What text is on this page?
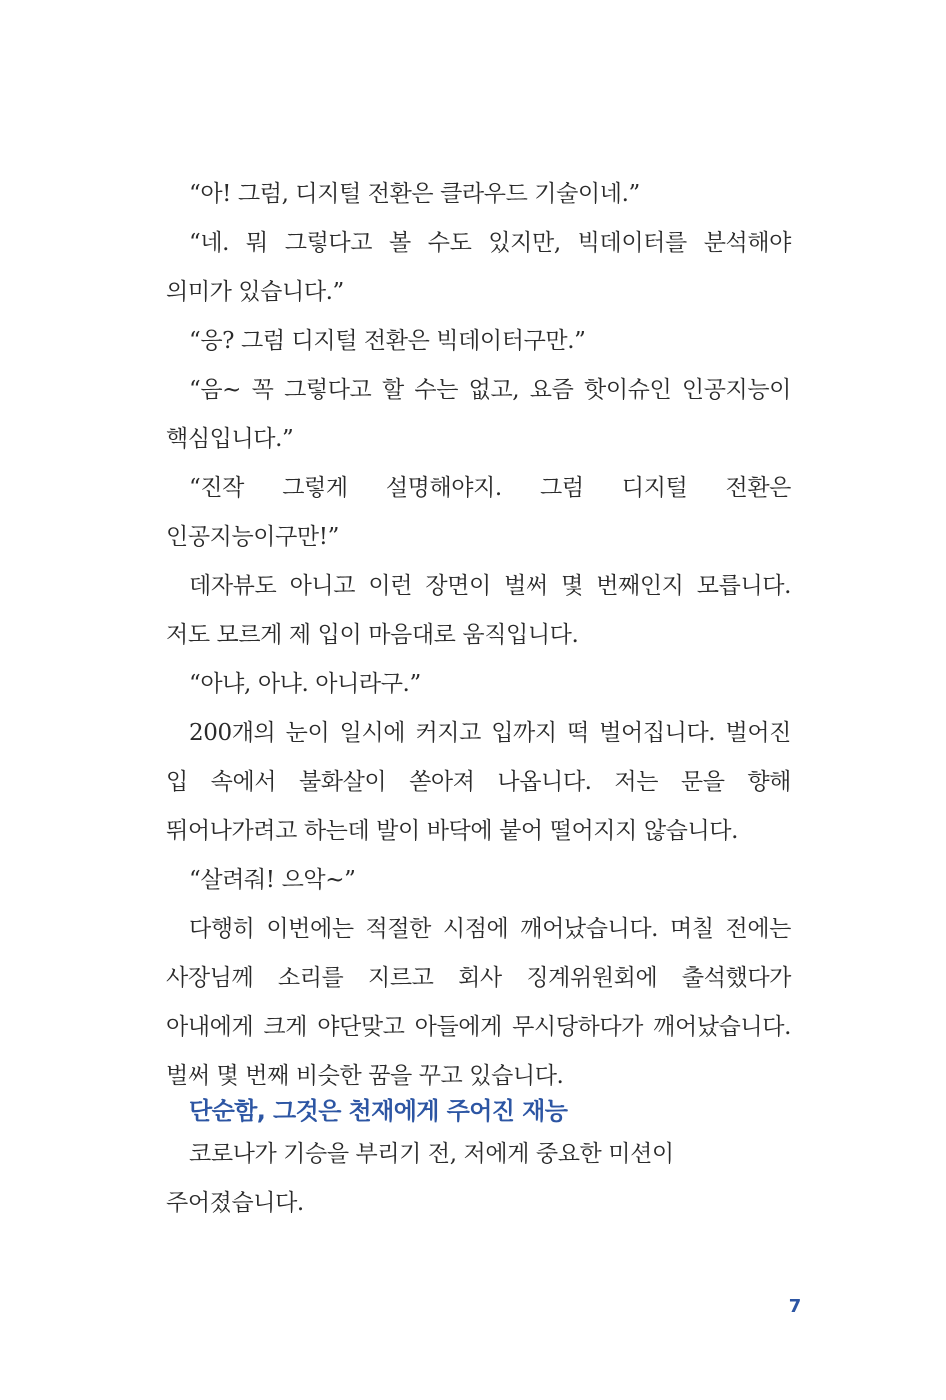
“아! 그럼, 디지털 전환은 클라우드 기술이네.”

“네. 뭐 그렇다고 볼 수도 있지만, 빅데이터를 분석해야 의미가 있습니다.”

“응? 그럼 디지털 전환은 빅데이터구만.”

“음~ 꼭 그렇다고 할 수는 없고, 요즘 핫이슈인 인공지능이 핵심입니다.”

“진작 그렇게 설명해야지. 그럼 디지털 전환은 인공지능이구만!”

데자뷰도 아니고 이런 장면이 벌써 몇 번째인지 모릅니다. 저도 모르게 제 입이 마음대로 움직입니다.

“아냐, 아냐. 아니라구.”

200개의 눈이 일시에 커지고 입까지 떡 벌어집니다. 벌어진 입 속에서 불화살이 쏟아져 나옵니다. 저는 문을 향해 뛰어나가려고 하는데 발이 바닥에 붙어 떨어지지 않습니다.

“살려줘! 으악~”

다행히 이번에는 적절한 시점에 깨어났습니다. 며칠 전에는 사장님께 소리를 지르고 회사 징계위원회에 출석했다가 아내에게 크게 야단맞고 아들에게 무시당하다가 깨어났습니다. 벌써 몇 번째 비슷한 꿈을 꾸고 있습니다.

단순함, 그것은 천재에게 주어진 재능

코로나가 기승을 부리기 전, 저에게 중요한 미션이 주어졌습니다.

7
